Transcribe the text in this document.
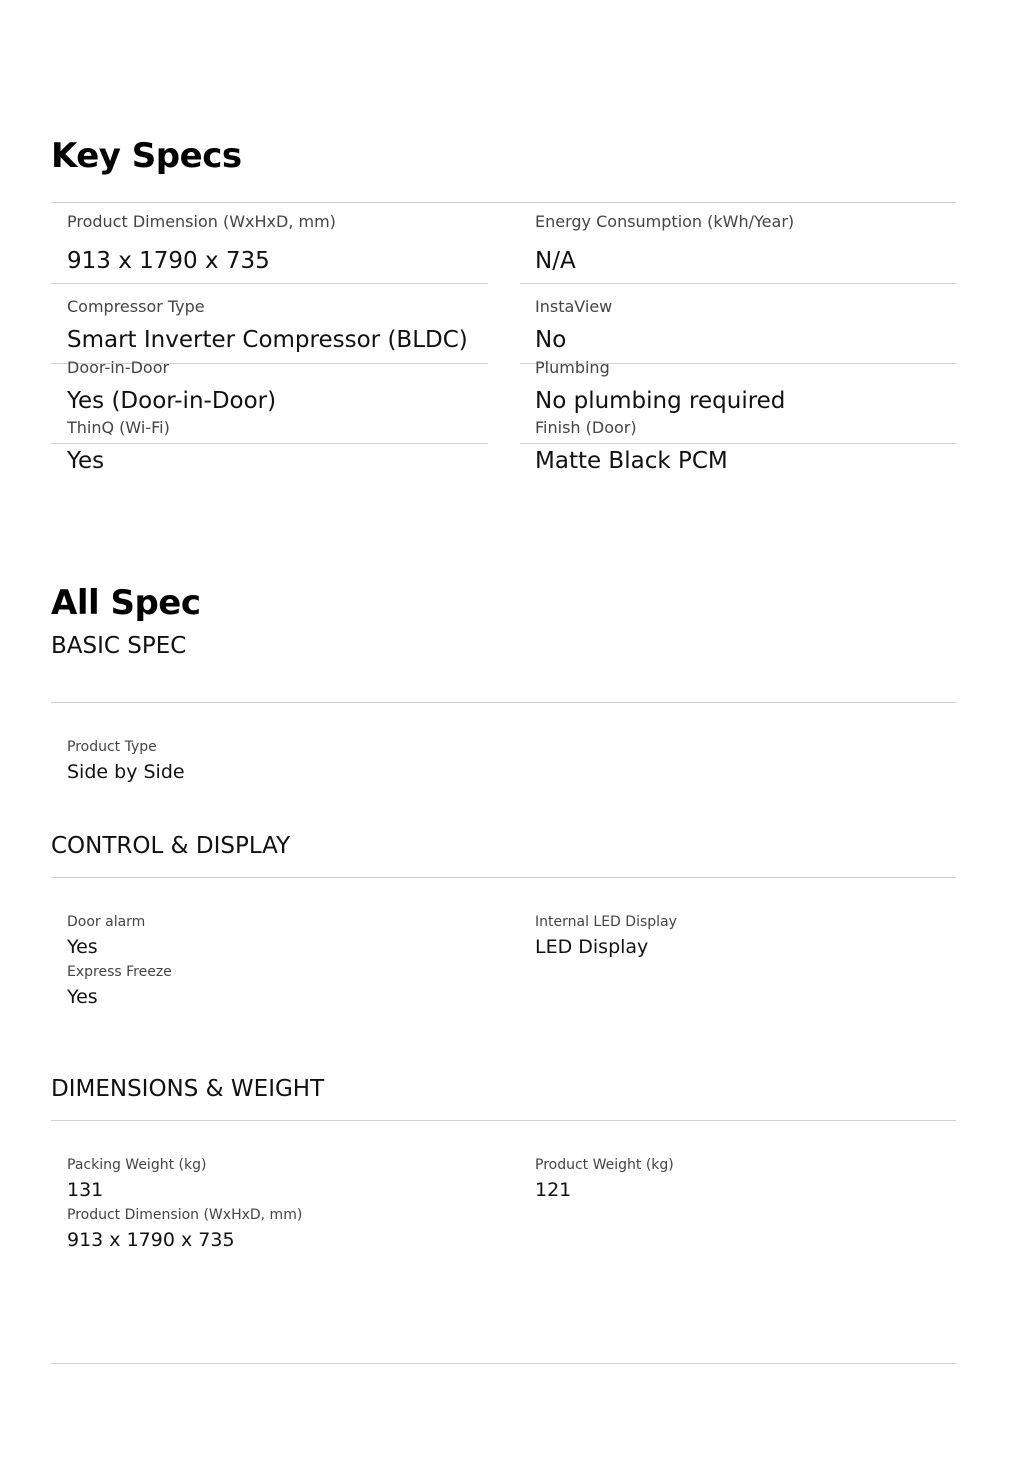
Key Specs
Product Dimension (WxHxD, mm)
913 x 1790 x 735
Energy Consumption (kWh/Year)
N/A
Compressor Type
Smart Inverter Compressor (BLDC)
InstaView
No
Door-in-Door
Yes (Door-in-Door)
Plumbing
No plumbing required
ThinQ (Wi-Fi)
Yes
Finish (Door)
Matte Black PCM
All Spec
BASIC SPEC
Product Type
Side by Side
CONTROL & DISPLAY
Door alarm
Yes
Internal LED Display
LED Display
Express Freeze
Yes
DIMENSIONS & WEIGHT
Packing Weight (kg)
131
Product Weight (kg)
121
Product Dimension (WxHxD, mm)
913 x 1790 x 735
